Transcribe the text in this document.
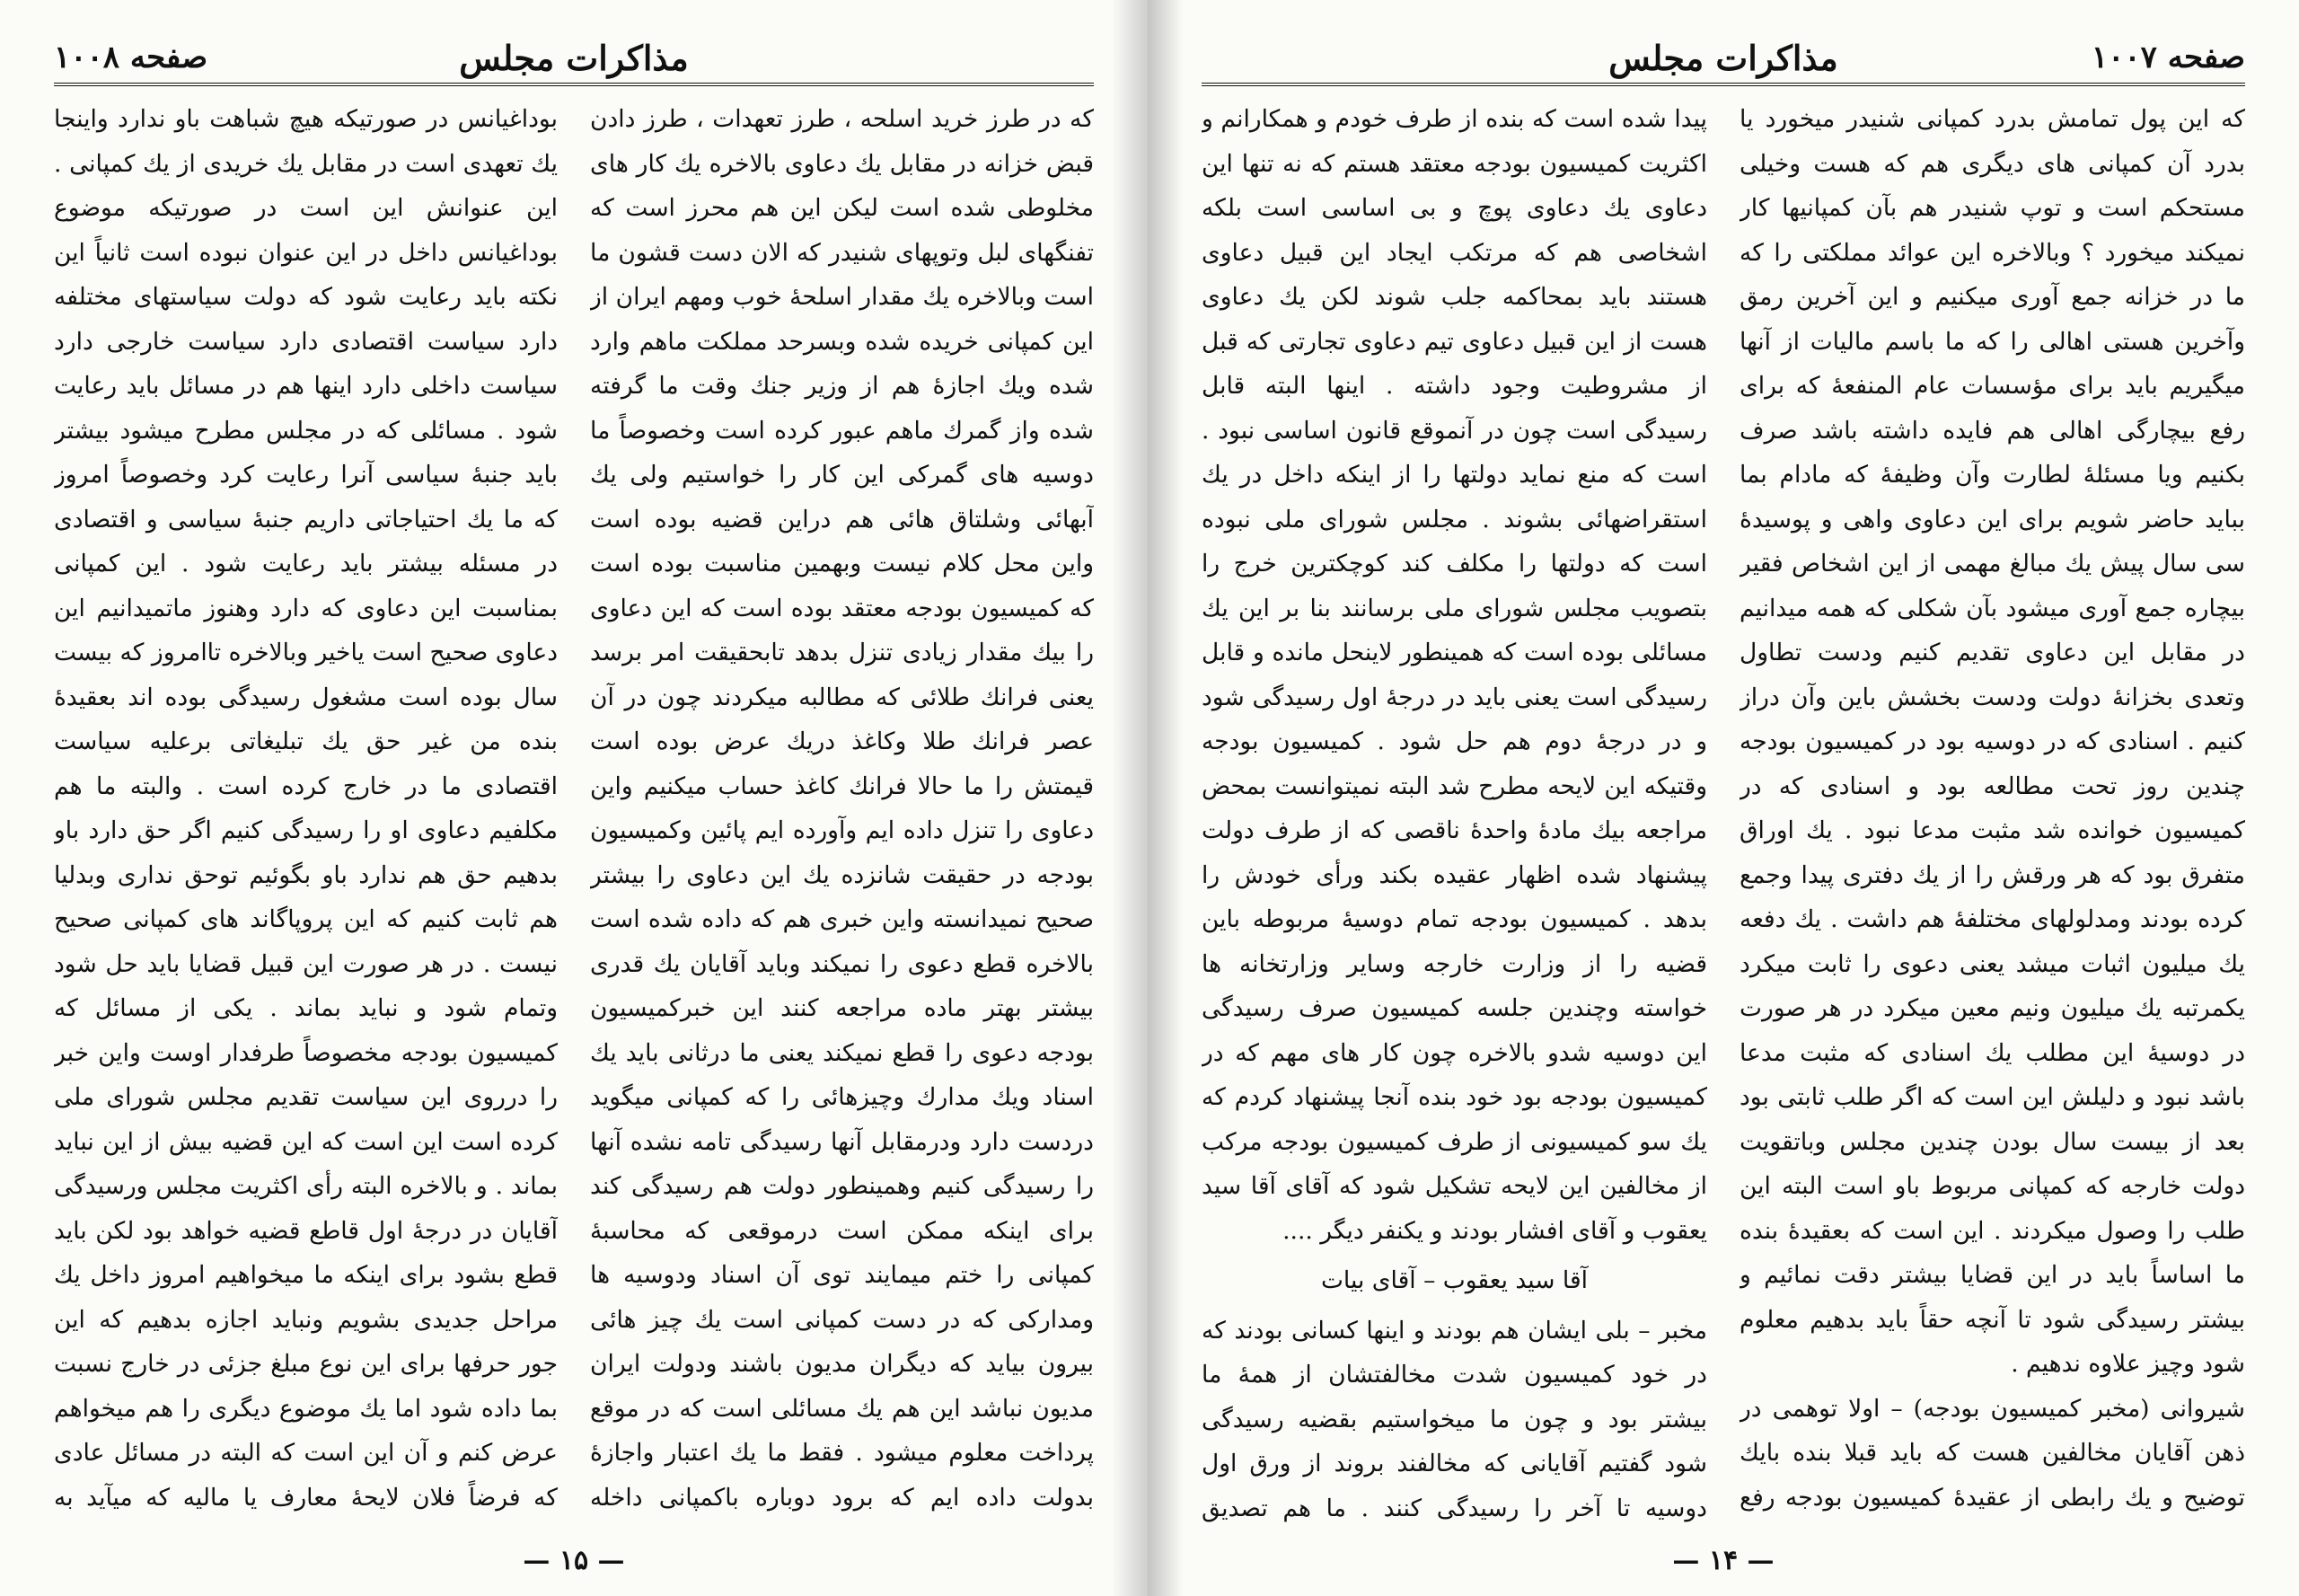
مذاکرات مجلس
صفحه ۱۰۰۸

که در طرز خرید اسلحه ، طرز تعهدات ، طرز دادن قبض خزانه در مقابل یك دعاوی بالاخره یك کار های مخلوطی شده است لیکن این هم محرز است که تفنگهای لبل وتوپهای شنیدر که الان دست قشون ما است وبالاخره یك مقدار اسلحهٔ خوب ومهم ایران از این کمپانی خریده شده وبسرحد مملکت ماهم وارد شده ویك اجازهٔ هم از وزیر جنك وقت ما گرفته شده واز گمرك ماهم عبور کرده است وخصوصاً ما دوسیه های گمرکی این کار را خواستیم ولی یك آبهائی وشلتاق هائی هم دراین قضیه بوده است واین محل کلام نیست وبهمین مناسبت بوده است که کمیسیون بودجه معتقد بوده است که این دعاوی را بیك مقدار زیادی تنزل بدهد تابحقیقت امر برسد یعنی فرانك طلائی که مطالبه میکردند چون در آن عصر فرانك طلا وکاغذ دریك عرض بوده است قیمتش را ما حالا فرانك کاغذ حساب میکنیم واین دعاوی را تنزل داده ایم وآورده ایم پائین وکمیسیون بودجه در حقیقت شانزده یك این دعاوی را بیشتر صحیح نمیدانسته واین خبری هم که داده شده است بالاخره قطع دعوی را نمیکند وباید آقایان یك قدری بیشتر بهتر ماده مراجعه کنند این خبرکمیسیون بودجه دعوی را قطع نمیکند یعنی ما درثانی باید یك اسناد ویك مدارك وچیزهائی را که کمپانی میگوید دردست دارد ودرمقابل آنها رسیدگی تامه نشده آنها را رسیدگی کنیم وهمینطور دولت هم رسیدگی کند برای اینکه ممکن است درموقعی که محاسبهٔ کمپانی را ختم میمایند توی آن اسناد ودوسیه ها ومدارکی که در دست کمپانی است یك چیز هائی بیرون بیاید که دیگران مدیون باشند ودولت ایران مدیون نباشد این هم یك مسائلی است که در موقع پرداخت معلوم میشود . فقط ما یك اعتبار واجازهٔ بدولت داده ایم که برود دوباره باکمپانی داخله

بوداغیانس در صورتیکه هیچ شباهت باو ندارد واینجا یك تعهدی است در مقابل یك خریدی از یك کمپانی . این عنوانش این است در صورتیکه موضوع بوداغیانس داخل در این عنوان نبوده است ثانیاً این نکته باید رعایت شود که دولت سیاستهای مختلفه دارد سیاست اقتصادی دارد سیاست خارجی دارد سیاست داخلی دارد اینها هم در مسائل باید رعایت شود . مسائلی که در مجلس مطرح میشود بیشتر باید جنبهٔ سیاسی آنرا رعایت کرد وخصوصاً امروز که ما یك احتیاجاتی داریم جنبهٔ سیاسی و اقتصادی در مسئله بیشتر باید رعایت شود . این کمپانی بمناسبت این دعاوی که دارد وهنوز ماتمیدانیم این دعاوی صحیح است یاخیر وبالاخره تاامروز که بیست سال بوده است مشغول رسیدگی بوده اند بعقیدهٔ بنده من غیر حق یك تبلیغاتی برعلیه سیاست اقتصادی ما در خارج کرده است . والبته ما هم مکلفیم دعاوی او را رسیدگی کنیم اگر حق دارد باو بدهیم حق هم ندارد باو بگوئیم توحق نداری وبدلیا هم ثابت کنیم که این پروپاگاند های کمپانی صحیح نیست . در هر صورت این قبیل قضایا باید حل شود وتمام شود و نباید بماند . یکی از مسائل که کمیسیون بودجه مخصوصاً طرفدار اوست واین خبر را درروی این سیاست تقدیم مجلس شورای ملی کرده است این است که این قضیه بیش از این نباید بماند . و بالاخره البته رأی اکثریت مجلس ورسیدگی آقایان در درجهٔ اول قاطع قضیه خواهد بود لکن باید قطع بشود برای اینکه ما میخواهیم امروز داخل یك مراحل جدیدی بشویم ونباید اجازه بدهیم که این جور حرفها برای این نوع مبلغ جزئی در خارج نسبت بما داده شود اما یك موضوع دیگری را هم میخواهم عرض کنم و آن این است که البته در مسائل عادی که فرضاً فلان لایحهٔ معارف یا مالیه که میآید به

— ۱۵ —
مذاکرات مجلس	صفحه ۱۰۰۷

که این پول تمامش بدرد کمپانی شنیدر میخورد یا بدرد آن کمپانی های دیگری هم که هست وخیلی مستحکم است و توپ شنیدر هم بآن کمپانیها کار نمیکند میخورد ؟ وبالاخره این عوائد مملکتی را که ما در خزانه جمع آوری میکنیم و این آخرین رمق وآخرین هستی اهالی را که ما باسم مالیات از آنها میگیریم باید برای مؤسسات عام المنفعهٔ که برای رفع بیچارگی اهالی هم فایده داشته باشد صرف بکنیم ویا مسئلهٔ لطارت وآن وظیفهٔ که مادام بما بباید حاضر شویم برای این دعاوی واهی و پوسیدهٔ سی سال پیش یك مبالغ مهمی از این اشخاص فقیر بیچاره جمع آوری میشود بآن شکلی که همه میدانیم در مقابل این دعاوی تقدیم کنیم ودست تطاول وتعدی بخزانهٔ دولت ودست بخشش باین وآن دراز کنیم . اسنادی که در دوسیه بود در کمیسیون بودجه چندین روز تحت مطالعه بود و اسنادی که در کمیسیون خوانده شد مثبت مدعا نبود . یك اوراق متفرق بود که هر ورقش را از یك دفتری پیدا وجمع کرده بودند ومدلولهای مختلفهٔ هم داشت . یك دفعه یك میلیون اثبات میشد یعنی دعوی را ثابت میکرد یکمرتبه یك میلیون ونیم معین میکرد در هر صورت در دوسیهٔ این مطلب یك اسنادی که مثبت مدعا باشد نبود و دلیلش این است که اگر طلب ثابتی بود بعد از بیست سال بودن چندین مجلس وباتقویت دولت خارجه که کمپانی مربوط باو است البته این طلب را وصول میکردند . این است که بعقیدهٔ بنده ما اساساً باید در این قضایا بیشتر دقت نمائیم و بیشتر رسیدگی شود تا آنچه حقاً باید بدهیم معلوم شود وچیز علاوه ندهیم .

شیروانی (مخبر کمیسیون بودجه) – اولا توهمی در ذهن آقایان مخالفین هست که باید قبلا بنده بایك توضیح و یك رابطی از عقیدهٔ کمیسیون بودجه رفع

پیدا شده است که بنده از طرف خودم و همکارانم و اکثریت کمیسیون بودجه معتقد هستم که نه تنها این دعاوی یك دعاوی پوچ و بی اساسی است بلکه اشخاصی هم که مرتکب ایجاد این قبیل دعاوی هستند باید بمحاکمه جلب شوند لکن یك دعاوی هست از این قبیل دعاوی تیم دعاوی تجارتی که قبل از مشروطیت وجود داشته . اینها البته قابل رسیدگی است چون در آنموقع قانون اساسی نبود . است که منع نماید دولتها را از اینکه داخل در یك استقراضهائی بشوند . مجلس شورای ملی نبوده است که دولتها را مکلف کند کوچکترین خرج را بتصویب مجلس شورای ملی برسانند بنا بر این یك مسائلی بوده است که همینطور لاینحل مانده و قابل رسیدگی است یعنی باید در درجهٔ اول رسیدگی شود و در درجهٔ دوم هم حل شود . کمیسیون بودجه وقتیکه این لایحه مطرح شد البته نمیتوانست بمحض مراجعه بیك مادهٔ واحدهٔ ناقصی که از طرف دولت پیشنهاد شده اظهار عقیده بکند ورأی خودش را بدهد . کمیسیون بودجه تمام دوسیهٔ مربوطه باین قضیه را از وزارت خارجه وسایر وزارتخانه ها خواسته وچندین جلسه کمیسیون صرف رسیدگی این دوسیه شدو بالاخره چون کار های مهم که در کمیسیون بودجه بود خود بنده آنجا پیشنهاد کردم که یك سو کمیسیونی از طرف کمیسیون بودجه مرکب از مخالفین این لایحه تشکیل شود که آقای آقا سید یعقوب و آقای افشار بودند و یکنفر دیگر ....

آقا سید یعقوب – آقای بیات

مخبر – بلی ایشان هم بودند و اینها کسانی بودند که در خود کمیسیون شدت مخالفتشان از همهٔ ما بیشتر بود و چون ما میخواستیم بقضیه رسیدگی شود گفتیم آقایانی که مخالفند بروند از ورق اول دوسیه تا آخر را رسیدگی کنند . ما هم تصدیق

— ۱۴ —
